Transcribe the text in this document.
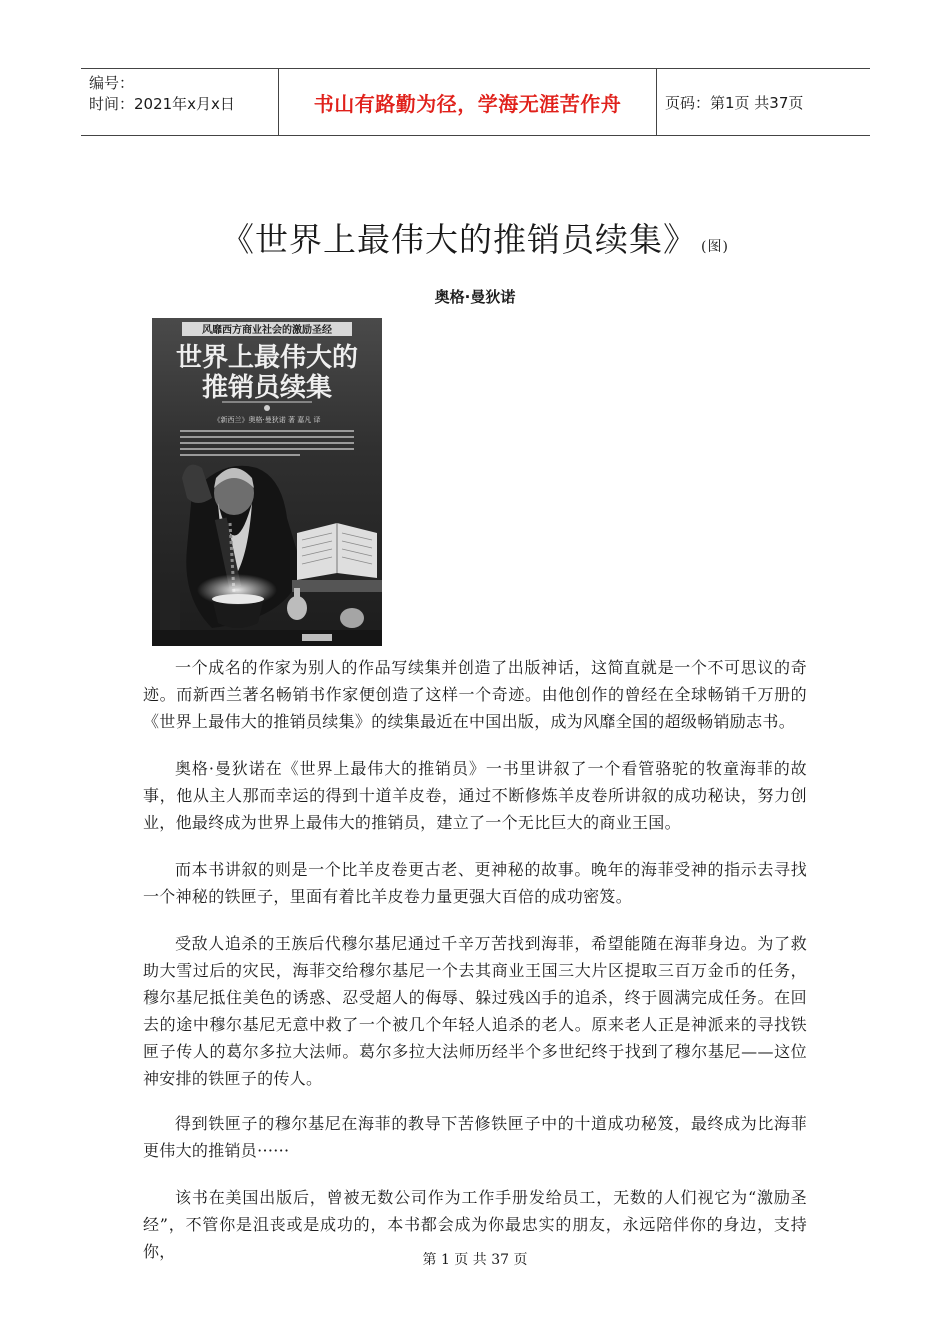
编号：
时间：2021年x月x日	书山有路勤为径，学海无涯苦作舟	页码：第1页 共37页
《世界上最伟大的推销员续集》 (图)
奥格·曼狄诺
风靡西方商业社会的激励圣经
世界上最伟大的
推销员续集
《新西兰》奥格·曼狄诺 著 嘉凡 译

一个成名的作家为别人的作品写续集并创造了出版神话，这简直就是一个不可思议的奇迹。而新西兰著名畅销书作家便创造了这样一个奇迹。由他创作的曾经在全球畅销千万册的《世界上最伟大的推销员续集》的续集最近在中国出版，成为风靡全国的超级畅销励志书。

奥格·曼狄诺在《世界上最伟大的推销员》一书里讲叙了一个看管骆驼的牧童海菲的故事，他从主人那而幸运的得到十道羊皮卷，通过不断修炼羊皮卷所讲叙的成功秘诀，努力创业，他最终成为世界上最伟大的推销员，建立了一个无比巨大的商业王国。

而本书讲叙的则是一个比羊皮卷更古老、更神秘的故事。晚年的海菲受神的指示去寻找一个神秘的铁匣子，里面有着比羊皮卷力量更强大百倍的成功密笈。

受敌人追杀的王族后代穆尔基尼通过千辛万苦找到海菲，希望能随在海菲身边。为了救助大雪过后的灾民，海菲交给穆尔基尼一个去其商业王国三大片区提取三百万金币的任务，穆尔基尼抵住美色的诱惑、忍受超人的侮辱、躲过残凶手的追杀，终于圆满完成任务。在回去的途中穆尔基尼无意中救了一个被几个年轻人追杀的老人。原来老人正是神派来的寻找铁匣子传人的葛尔多拉大法师。葛尔多拉大法师历经半个多世纪终于找到了穆尔基尼——这位神安排的铁匣子的传人。

得到铁匣子的穆尔基尼在海菲的教导下苦修铁匣子中的十道成功秘笈，最终成为比海菲更伟大的推销员······

该书在美国出版后，曾被无数公司作为工作手册发给员工，无数的人们视它为“激励圣经”，不管你是沮丧或是成功的，本书都会成为你最忠实的朋友，永远陪伴你的身边，支持你，	第 1 页 共 37 页
